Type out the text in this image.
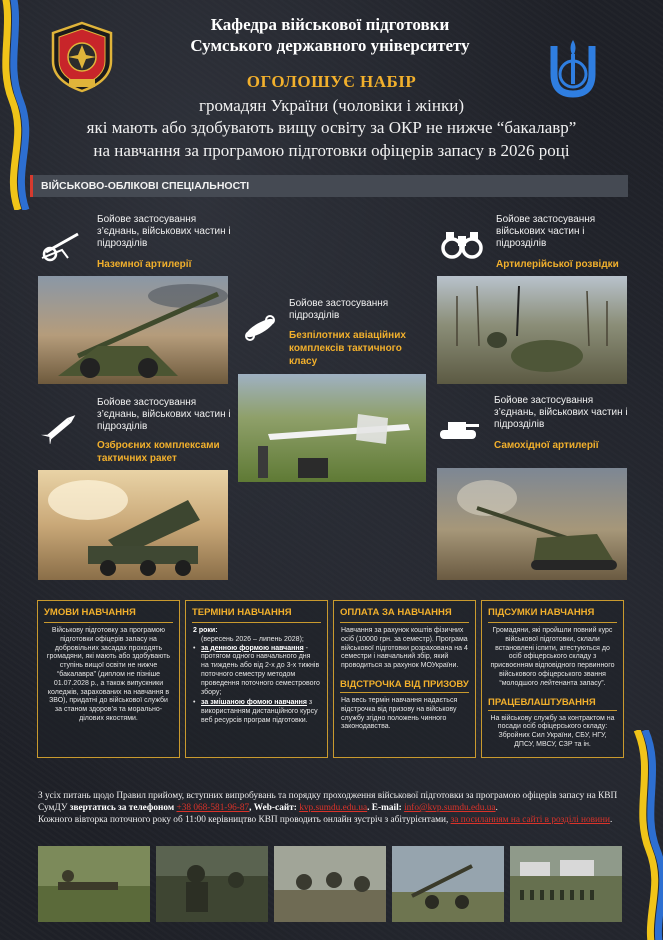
Кафедра військової підготовки
Сумського державного університету
ОГОЛОШУЄ НАБІР
громадян України (чоловіки і жінки)
які мають або здобувають вищу освіту за ОКР не нижче “бакалавр”
на навчання за програмою підготовки офіцерів запасу в 2026 році
ВІЙСЬКОВО-ОБЛІКОВІ СПЕЦІАЛЬНОСТІ
Бойове застосування
з’єднань, військових частин і
підрозділів
Наземної артилерії
Бойове застосування
військових частин і
підрозділів
Артилерійської розвідки
Бойове застосування
підрозділів
Безпілотних авіаційних
комплексів тактичного
класу
Бойове застосування
з’єднань, військових частин і
підрозділів
Озброєних комплексами
тактичних ракет
Бойове застосування
з’єднань, військових частин і
підрозділів
Самохідної артилерії
УМОВИ НАВЧАННЯ
Військову підготовку за програмою підготовки офіцерів запасу на добровільних засадах проходять громадяни, які мають або здобувають ступінь вищої освіти не нижче “бакалавра” (диплом не пізніше 01.07.2028 р., а також випускники коледжів, зарахованих на навчання в ЗВО), придатні до військової служби за станом здоров’я та морально-ділових якостями.
ТЕРМІНИ НАВЧАННЯ
2 роки:
(вересень 2026 – липень 2028);
• за денною формою навчання - протягом одного навчального дня на тиждень або від 2-х до 3-х тижнів поточного семестру методом проведення поточного семестрового збору;
• за змішаною фомою навчання з використанням дистанційного курсу веб ресурсів програм підготовки.
ОПЛАТА ЗА НАВЧАННЯ
Навчання за рахунок коштів фізичних осіб (10000 грн. за семестр). Програма військової підготовки розрахована на 4 семестри і навчальний збір, який проводиться за рахунок МОУкраїни.
ВІДСТРОЧКА ВІД ПРИЗОВУ
На весь термін навчання надається відстрочка від призову на військову службу згідно положень чинного законодавства.
ПІДСУМКИ НАВЧАННЯ
Громадяни, які пройшли повний курс військової підготовки, склали встановлені іспити, атестуються до осіб офіцерського складу з присвоєнням відповідного первинного військового офіцерського звання “молодшого лейтенанта запасу”.
ПРАЦЕВЛАШТУВАННЯ
На військову службу за контрактом на посади осіб офіцерського складу: Збройних Сил України, СБУ, НГУ, ДПСУ, МВСУ, СЗР та ін.
З усіх питань щодо Правил прийому, вступних випробувань та порядку проходження військової підготовки за програмою офіцерів запасу на КВП СумДУ звертатись за телефоном +38 068-581-96-87, Web-сайт: kvp.sumdu.edu.ua. E-mail: info@kvp.sumdu.edu.ua.
Кожного вівторка поточного року об 11:00 керівництво КВП проводить онлайн зустріч з абітурієнтами, за посиланням на сайті в розділі новини.
